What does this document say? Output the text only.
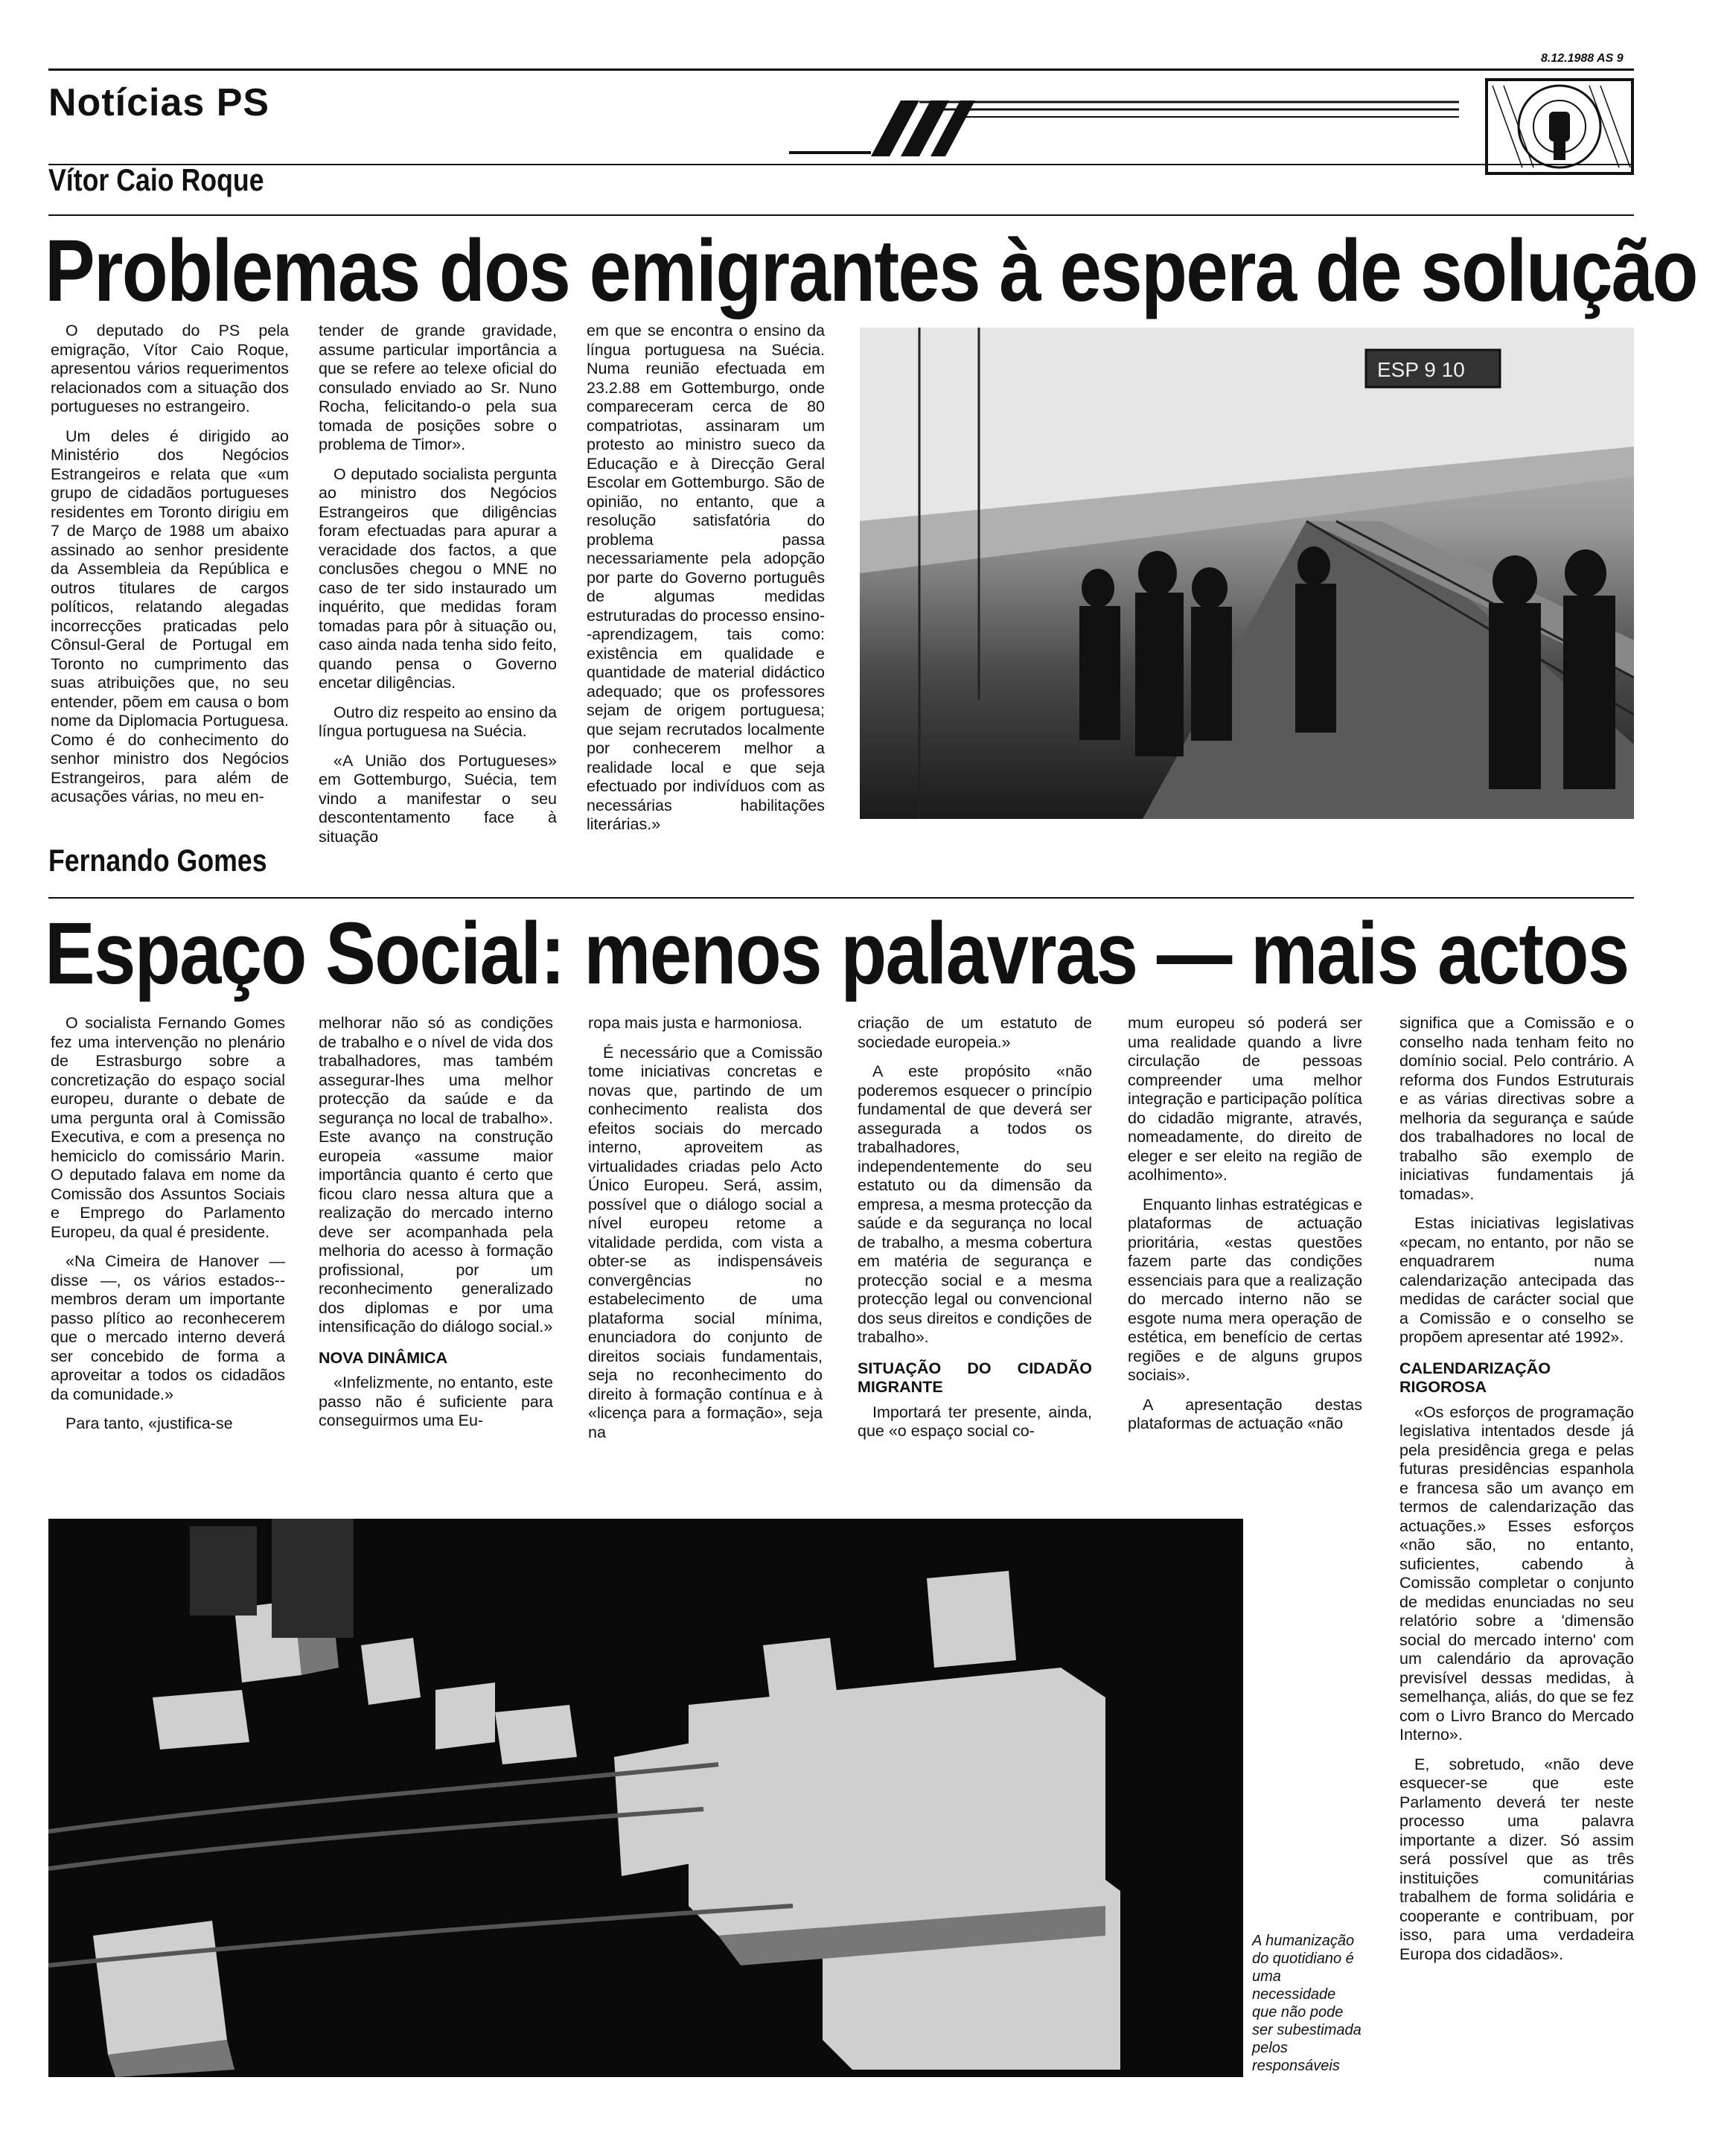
8.12.1988 AS 9
Notícias PS
Vítor Caio Roque
Problemas dos emigrantes à espera de solução

O deputado do PS pela emigração, Vítor Caio Roque, apresentou vários requerimentos relacionados com a situação dos portugueses no estrangeiro.

Um deles é dirigido ao Ministério dos Negócios Estrangeiros e relata que «um grupo de cidadãos portugueses residentes em Toronto dirigiu em 7 de Março de 1988 um abaixo assinado ao senhor presidente da Assembleia da República e outros titulares de cargos políticos, relatando alegadas incorrecções praticadas pelo Cônsul-Geral de Portugal em Toronto no cumprimento das suas atribuições que, no seu entender, põem em causa o bom nome da Diplomacia Portuguesa. Como é do conhecimento do senhor ministro dos Negócios Estrangeiros, para além de acusações várias, no meu en-

tender de grande gravidade, assume particular importância a que se refere ao telexe oficial do consulado enviado ao Sr. Nuno Rocha, felicitando-o pela sua tomada de posições sobre o problema de Timor».

O deputado socialista pergunta ao ministro dos Negócios Estrangeiros que diligências foram efectuadas para apurar a veracidade dos factos, a que conclusões chegou o MNE no caso de ter sido instaurado um inquérito, que medidas foram tomadas para pôr à situação ou, caso ainda nada tenha sido feito, quando pensa o Governo encetar diligências.

Outro diz respeito ao ensino da língua portuguesa na Suécia.

«A União dos Portugueses» em Gottemburgo, Suécia, tem vindo a manifestar o seu descontentamento face à situação

em que se encontra o ensino da língua portuguesa na Suécia. Numa reunião efectuada em 23.2.88 em Gottemburgo, onde compareceram cerca de 80 compatriotas, assinaram um protesto ao ministro sueco da Educação e à Direcção Geral Escolar em Gottemburgo. São de opinião, no entanto, que a resolução satisfatória do problema passa necessariamente pela adopção por parte do Governo português de algumas medidas estruturadas do processo ensino--aprendizagem, tais como: existência em qualidade e quantidade de material didáctico adequado; que os professores sejam de origem portuguesa; que sejam recrutados localmente por conhecerem melhor a realidade local e que seja efectuado por indivíduos com as necessárias habilitações literárias.»

ESP 9 10
Fernando Gomes
Espaço Social: menos palavras — mais actos

O socialista Fernando Gomes fez uma intervenção no plenário de Estrasburgo sobre a concretização do espaço social europeu, durante o debate de uma pergunta oral à Comissão Executiva, e com a presença no hemiciclo do comissário Marin. O deputado falava em nome da Comissão dos Assuntos Sociais e Emprego do Parlamento Europeu, da qual é presidente.

«Na Cimeira de Hanover — disse —, os vários estados--membros deram um importante passo plítico ao reconhecerem que o mercado interno deverá ser concebido de forma a aproveitar a todos os cidadãos da comunidade.»

Para tanto, «justifica-se

melhorar não só as condições de trabalho e o nível de vida dos trabalhadores, mas também assegurar-lhes uma melhor protecção da saúde e da segurança no local de trabalho». Este avanço na construção europeia «assume maior importância quanto é certo que ficou claro nessa altura que a realização do mercado interno deve ser acompanhada pela melhoria do acesso à formação profissional, por um reconhecimento generalizado dos diplomas e por uma intensificação do diálogo social.»

NOVA DINÂMICA

«Infelizmente, no entanto, este passo não é suficiente para conseguirmos uma Eu-

ropa mais justa e harmoniosa.

É necessário que a Comissão tome iniciativas concretas e novas que, partindo de um conhecimento realista dos efeitos sociais do mercado interno, aproveitem as virtualidades criadas pelo Acto Único Europeu. Será, assim, possível que o diálogo social a nível europeu retome a vitalidade perdida, com vista a obter-se as indispensáveis convergências no estabelecimento de uma plataforma social mínima, enunciadora do conjunto de direitos sociais fundamentais, seja no reconhecimento do direito à formação contínua e à «licença para a formação», seja na

criação de um estatuto de sociedade europeia.»

A este propósito «não poderemos esquecer o princípio fundamental de que deverá ser assegurada a todos os trabalhadores, independentemente do seu estatuto ou da dimensão da empresa, a mesma protecção da saúde e da segurança no local de trabalho, a mesma cobertura em matéria de segurança e protecção social e a mesma protecção legal ou convencional dos seus direitos e condições de trabalho».

SITUAÇÃO DO CIDADÃO MIGRANTE

Importará ter presente, ainda, que «o espaço social co-

mum europeu só poderá ser uma realidade quando a livre circulação de pessoas compreender uma melhor integração e participação política do cidadão migrante, através, nomeadamente, do direito de eleger e ser eleito na região de acolhimento».

Enquanto linhas estratégicas e plataformas de actuação prioritária, «estas questões fazem parte das condições essenciais para que a realização do mercado interno não se esgote numa mera operação de estética, em benefício de certas regiões e de alguns grupos sociais».

A apresentação destas plataformas de actuação «não

significa que a Comissão e o conselho nada tenham feito no domínio social. Pelo contrário. A reforma dos Fundos Estruturais e as várias directivas sobre a melhoria da segurança e saúde dos trabalhadores no local de trabalho são exemplo de iniciativas fundamentais já tomadas».

Estas iniciativas legislativas «pecam, no entanto, por não se enquadrarem numa calendarização antecipada das medidas de carácter social que a Comissão e o conselho se propõem apresentar até 1992».

CALENDARIZAÇÃO RIGOROSA

«Os esforços de programação legislativa intentados desde já pela presidência grega e pelas futuras presidências espanhola e francesa são um avanço em termos de calendarização das actuações.» Esses esforços «não são, no entanto, suficientes, cabendo à Comissão completar o conjunto de medidas enunciadas no seu relatório sobre a 'dimensão social do mercado interno' com um calendário da aprovação previsível dessas medidas, à semelhança, aliás, do que se fez com o Livro Branco do Mercado Interno».

E, sobretudo, «não deve esquecer-se que este Parlamento deverá ter neste processo uma palavra importante a dizer. Só assim será possível que as três instituições comunitárias trabalhem de forma solidária e cooperante e contribuam, por isso, para uma verdadeira Europa dos cidadãos».

A humanização do quotidiano é uma necessidade que não pode ser subestimada pelos responsáveis
